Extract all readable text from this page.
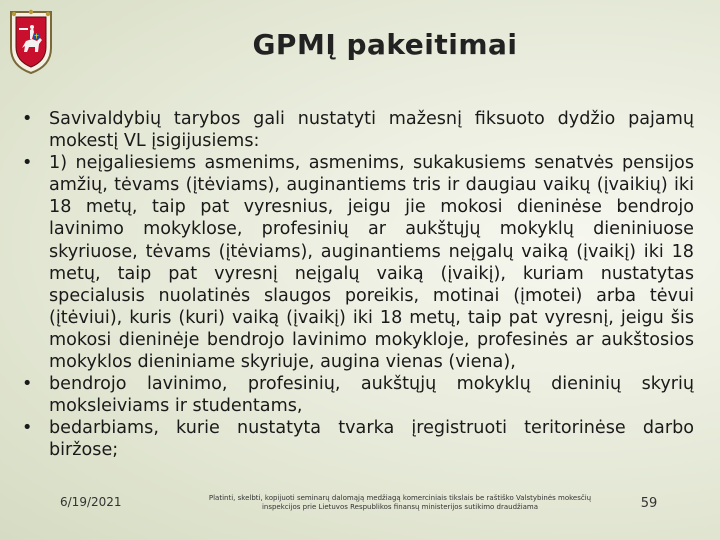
GPMĮ pakeitimai
• Savivaldybių tarybos gali nustatyti mažesnį fiksuoto dydžio pajamų mokestį VL įsigijusiems:
• 1) neįgaliesiems asmenims, asmenims, sukakusiems senatvės pensijos amžių, tėvams (įtėviams), auginantiems tris ir daugiau vaikų (įvaikių) iki 18 metų, taip pat vyresnius, jeigu jie mokosi dieninėse bendrojo lavinimo mokyklose, profesinių ar aukštųjų mokyklų dieniniuose skyriuose, tėvams (įtėviams), auginantiems neįgalų vaiką (įvaikį) iki 18 metų, taip pat vyresnį neįgalų vaiką (įvaikį), kuriam nustatytas specialusis nuolatinės slaugos poreikis, motinai (įmotei) arba tėvui (įtėviui), kuris (kuri) vaiką (įvaikį) iki 18 metų, taip pat vyresnį, jeigu šis mokosi dieninėje bendrojo lavinimo mokykloje, profesinės ar aukštosios mokyklos dieniniame skyriuje, augina vienas (viena),
• bendrojo lavinimo, profesinių, aukštųjų mokyklų dieninių skyrių moksleiviams ir studentams,
• bedarbiams, kurie nustatyta tvarka įregistruoti teritorinėse darbo biržose;
6/19/2021	Platinti, skelbti, kopijuoti seminarų dalomąją medžiagą komerciniais tikslais be raštiško Valstybinės mokesčių inspekcijos prie Lietuvos Respublikos finansų ministerijos sutikimo draudžiama	59
